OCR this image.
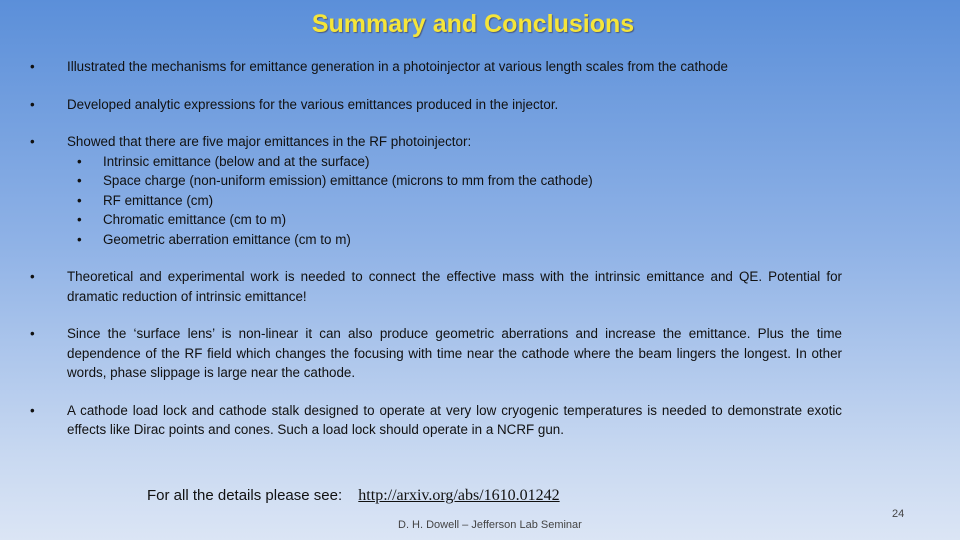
Summary and Conclusions
•	Illustrated the mechanisms for emittance generation in a photoinjector at various length scales from the cathode
•	Developed analytic expressions for the various emittances produced in the injector.
•	Showed that there are five major emittances in the RF photoinjector:
•	Intrinsic emittance (below and at the surface)
•	Space charge (non-uniform emission) emittance (microns to mm from the cathode)
•	RF emittance (cm)
•	Chromatic emittance (cm to m)
•	Geometric aberration emittance (cm to m)
•	Theoretical and experimental work is needed to connect the effective mass with the intrinsic emittance and QE. Potential for dramatic reduction of intrinsic emittance!
•	Since the ‘surface lens’ is non-linear it can also produce geometric aberrations and increase the emittance. Plus the time dependence of the RF field which changes the focusing with time near the cathode where the beam lingers the longest. In other words, phase slippage is large near the cathode.
•	A cathode load lock and cathode stalk designed to operate at very low cryogenic temperatures is needed to demonstrate exotic effects like Dirac points and cones. Such a load lock should operate in a NCRF gun.
For all the details please see: http://arxiv.org/abs/1610.01242
D. H. Dowell – Jefferson Lab Seminar
24
